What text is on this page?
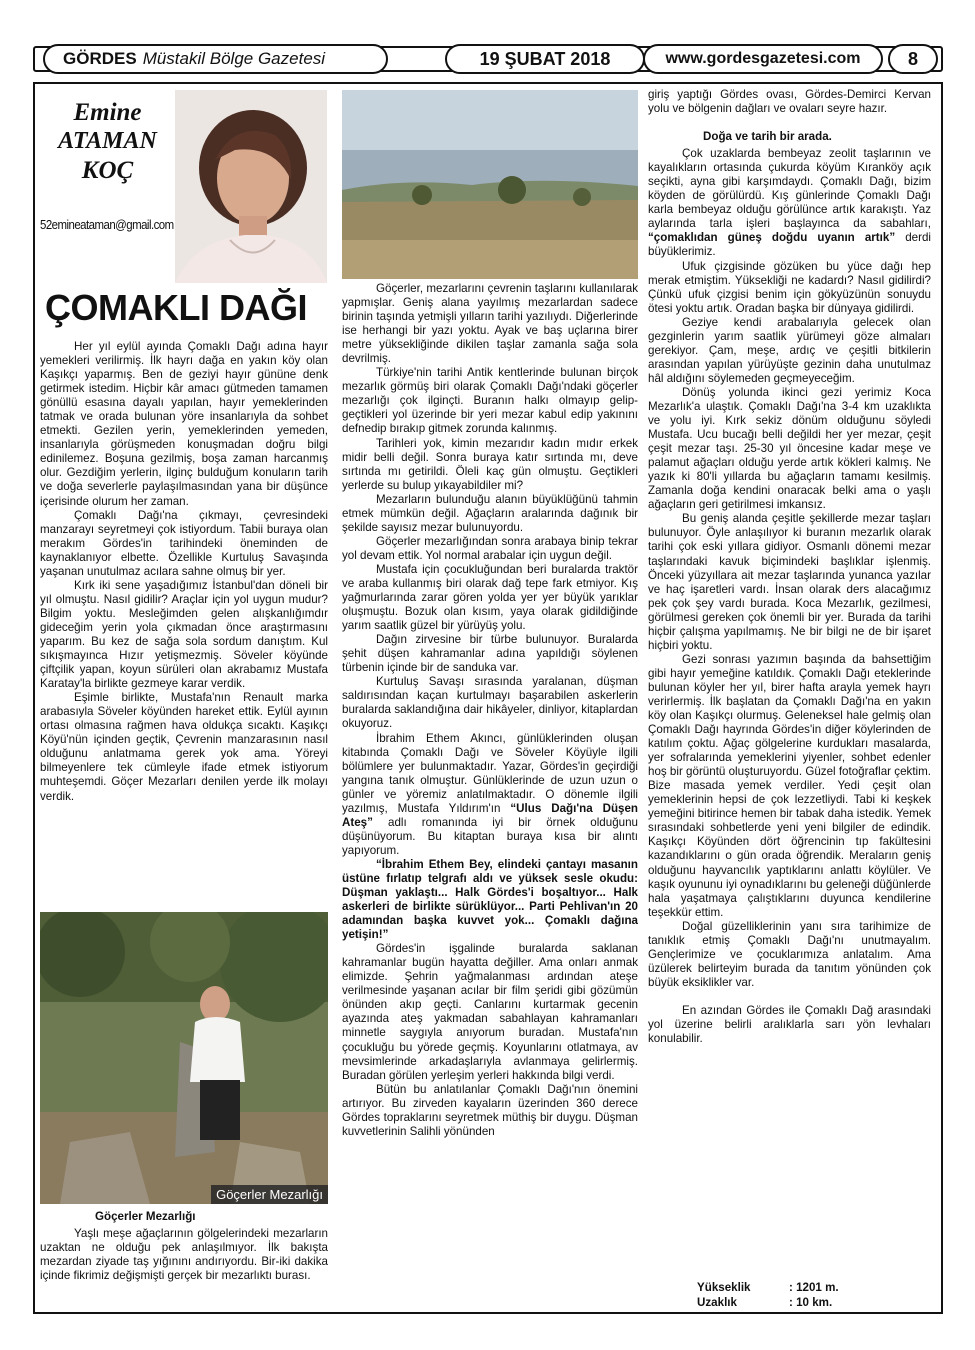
GÖRDES Müstakil Bölge Gazetesi	19 ŞUBAT 2018	www.gordesgazetesi.com	8
Emine
ATAMAN
KOÇ
52emineataman@gmail.com
ÇOMAKLI DAĞI

Her yıl eylül ayında Çomaklı Dağı adına hayır yemekleri verilirmiş. İlk hayrı dağa en yakın köy olan Kaşıkçı yaparmış. Ben de geziyi hayır gününe denk getirmek istedim. Hiçbir kâr amacı gütmeden tamamen gönüllü esasına dayalı yapılan, hayır yemeklerinden tatmak ve orada bulunan yöre insanlarıyla da sohbet etmekti. Gezilen yerin, yemeklerinden yemeden, insanlarıyla görüşmeden konuşmadan doğru bilgi edinilemez. Boşuna gezilmiş, boşa zaman harcanmış olur. Gezdiğim yerlerin, ilginç bulduğum konuların tarih ve doğa severlerle paylaşılmasından yana bir düşünce içerisinde olurum her zaman.

Çomaklı Dağı'na çıkmayı, çevresindeki manzarayı seyretmeyi çok istiyordum. Tabii buraya olan merakım Gördes'in tarihindeki öneminden de kaynaklanıyor elbette. Özellikle Kurtuluş Savaşında yaşanan unutulmaz acılara sahne olmuş bir yer.

Kırk iki sene yaşadığımız İstanbul'dan döneli bir yıl olmuştu. Nasıl gidilir? Araçlar için yol uygun mudur? Bilgim yoktu. Mesleğimden gelen alışkanlığımdır gideceğim yerin yola çıkmadan önce araştırmasını yaparım. Bu kez de sağa sola sordum danıştım. Kul sıkışmayınca Hızır yetişmezmiş. Söveler köyünde çiftçilik yapan, koyun sürüleri olan akrabamız Mustafa Karatay'la birlikte gezmeye karar verdik.

Eşimle birlikte, Mustafa'nın Renault marka arabasıyla Söveler köyünden hareket ettik. Eylül ayının ortası olmasına rağmen hava oldukça sıcaktı. Kaşıkçı Köyü'nün içinden geçtik, Çevrenin manzarasının nasıl olduğunu anlatmama gerek yok ama. Yöreyi bilmeyenlere tek cümleyle ifade etmek istiyorum muhteşemdi. Göçer Mezarları denilen yerde ilk molayı verdik.

Göçerler Mezarlığı

Göçerler Mezarlığı

Yaşlı meşe ağaçlarının gölgelerindeki mezarların uzaktan ne olduğu pek anlaşılmıyor. İlk bakışta mezardan ziyade taş yığınını andırıyordu. Bir-iki dakika içinde fikrimiz değişmişti gerçek bir mezarlıktı burası.

Göçerler, mezarlarını çevrenin taşlarını kullanılarak yapmışlar. Geniş alana yayılmış mezarlardan sadece birinin taşında yetmişli yılların tarihi yazılıydı. Diğerlerinde ise herhangi bir yazı yoktu. Ayak ve baş uçlarına birer metre yüksekliğinde dikilen taşlar zamanla sağa sola devrilmiş.

Türkiye'nin tarihi Antik kentlerinde bulunan birçok mezarlık görmüş biri olarak Çomaklı Dağı'ndaki göçerler mezarlığı çok ilginçti. Buranın halkı olmayıp gelip-geçtikleri yol üzerinde bir yeri mezar kabul edip yakınını defnedip bırakıp gitmek zorunda kalınmış.

Tarihleri yok, kimin mezarıdır kadın mıdır erkek midir belli değil. Sonra buraya katır sırtında mı, deve sırtında mı getirildi. Öleli kaç gün olmuştu. Geçtikleri yerlerde su bulup yıkayabildiler mi?

Mezarların bulunduğu alanın büyüklüğünü tahmin etmek mümkün değil. Ağaçların aralarında dağınık bir şekilde sayısız mezar bulunuyordu.

Göçerler mezarlığından sonra arabaya binip tekrar yol devam ettik. Yol normal arabalar için uygun değil.

Mustafa için çocukluğundan beri buralarda traktör ve araba kullanmış biri olarak dağ tepe fark etmiyor. Kış yağmurlarında zarar gören yolda yer yer büyük yarıklar oluşmuştu. Bozuk olan kısım, yaya olarak gidildiğinde yarım saatlik güzel bir yürüyüş yolu.

Dağın zirvesine bir türbe bulunuyor. Buralarda şehit düşen kahramanlar adına yapıldığı söylenen türbenin içinde bir de sanduka var.

Kurtuluş Savaşı sırasında yaralanan, düşman saldırısından kaçan kurtulmayı başarabilen askerlerin buralarda saklandığına dair hikâyeler, dinliyor, kitaplardan okuyoruz.

İbrahim Ethem Akıncı, günlüklerinden oluşan kitabında Çomaklı Dağı ve Söveler Köyüyle ilgili bölümlere yer bulunmaktadır. Yazar, Gördes'in geçirdiği yangına tanık olmuştur. Günlüklerinde de uzun uzun o günler ve yöremiz anlatılmaktadır. O dönemle ilgili yazılmış, Mustafa Yıldırım'ın “Ulus Dağı'na Düşen Ateş” adlı romanında iyi bir örnek olduğunu düşünüyorum. Bu kitaptan buraya kısa bir alıntı yapıyorum.

“İbrahim Ethem Bey, elindeki çantayı masanın üstüne fırlatıp telgrafı aldı ve yüksek sesle okudu: Düşman yaklaştı... Halk Gördes'i boşaltıyor... Halk askerleri de birlikte sürüklüyor... Parti Pehlivan'ın 20 adamından başka kuvvet yok... Çomaklı dağına yetişin!”

Gördes'in işgalinde buralarda saklanan kahramanlar bugün hayatta değiller. Ama onları anmak elimizde. Şehrin yağmalanması ardından ateşe verilmesinde yaşanan acılar bir film şeridi gibi gözümün önünden akıp geçti. Canlarını kurtarmak gecenin ayazında ateş yakmadan sabahlayan kahramanları minnetle saygıyla anıyorum buradan. Mustafa'nın çocukluğu bu yörede geçmiş. Koyunlarını otlatmaya, av mevsimlerinde arkadaşlarıyla avlanmaya gelirlermiş. Buradan görülen yerleşim yerleri hakkında bilgi verdi.

Bütün bu anlatılanlar Çomaklı Dağı'nın önemini artırıyor. Bu zirveden kayaların üzerinden 360 derece Gördes topraklarını seyretmek müthiş bir duygu. Düşman kuvvetlerinin Salihli yönünden

giriş yaptığı Gördes ovası, Gördes-Demirci Kervan yolu ve bölgenin dağları ve ovaları seyre hazır.

Doğa ve tarih bir arada.

Çok uzaklarda bembeyaz zeolit taşlarının ve kayalıkların ortasında çukurda köyüm Kıranköy açık seçikti, ayna gibi karşımdaydı. Çomaklı Dağı, bizim köyden de görülürdü. Kış günlerinde Çomaklı Dağı karla bembeyaz olduğu görülünce artık karakıştı. Yaz aylarında tarla işleri başlayınca da sabahları, “çomaklıdan güneş doğdu uyanın artık” derdi büyüklerimiz.

Ufuk çizgisinde gözüken bu yüce dağı hep merak etmiştim. Yüksekliği ne kadardı? Nasıl gidilirdi? Çünkü ufuk çizgisi benim için gökyüzünün sonuydu ötesi yoktu artık. Oradan başka bir dünyaya gidilirdi.

Geziye kendi arabalarıyla gelecek olan gezginlerin yarım saatlik yürümeyi göze almaları gerekiyor. Çam, meşe, ardıç ve çeşitli bitkilerin arasından yapılan yürüyüşte gezinin daha unutulmaz hâl aldığını söylemeden geçmeyeceğim.

Dönüş yolunda ikinci gezi yerimiz Koca Mezarlık'a ulaştık. Çomaklı Dağı'na 3-4 km uzaklıkta ve yolu iyi. Kırk sekiz dönüm olduğunu söyledi Mustafa. Ucu bucağı belli değildi her yer mezar, çeşit çeşit mezar taşı. 25-30 yıl öncesine kadar meşe ve palamut ağaçları olduğu yerde artık kökleri kalmış. Ne yazık ki 80'li yıllarda bu ağaçların tamamı kesilmiş. Zamanla doğa kendini onaracak belki ama o yaşlı ağaçların geri getirilmesi imkansız.

Bu geniş alanda çeşitle şekillerde mezar taşları bulunuyor. Öyle anlaşılıyor ki buranın mezarlık olarak tarihi çok eski yıllara gidiyor. Osmanlı dönemi mezar taşlarındaki kavuk biçimindeki başlıklar işlenmiş. Önceki yüzyıllara ait mezar taşlarında yunanca yazılar ve haç işaretleri vardı. İnsan olarak ders alacağımız pek çok şey vardı burada. Koca Mezarlık, gezilmesi, görülmesi gereken çok önemli bir yer. Burada da tarihi hiçbir çalışma yapılmamış. Ne bir bilgi ne de bir işaret hiçbiri yoktu.

Gezi sonrası yazımın başında da bahsettiğim gibi hayır yemeğine katıldık. Çomaklı Dağı eteklerinde bulunan köyler her yıl, birer hafta arayla yemek hayrı verirlermiş. İlk başlatan da Çomaklı Dağı'na en yakın köy olan Kaşıkçı olurmuş. Geleneksel hale gelmiş olan Çomaklı Dağı hayrında Gördes'in diğer köylerinden de katılım çoktu. Ağaç gölgelerine kurdukları masalarda, yer sofralarında yemeklerini yiyenler, sohbet edenler hoş bir görüntü oluşturuyordu. Güzel fotoğraflar çektim. Bize masada yemek verdiler. Yedi çeşit olan yemeklerinin hepsi de çok lezzetliydi. Tabi ki keşkek yemeğini bitirince hemen bir tabak daha istedik. Yemek sırasındaki sohbetlerde yeni yeni bilgiler de edindik. Kaşıkçı Köyünden dört öğrencinin tıp fakültesini kazandıklarını o gün orada öğrendik. Meraların geniş olduğunu hayvancılık yaptıklarını anlattı köylüler. Ve kaşık oyununu iyi oynadıklarını bu geleneği düğünlerde hala yaşatmaya çalıştıklarını duyunca kendilerine teşekkür ettim.

Doğal güzelliklerinin yanı sıra tarihimize de tanıklık etmiş Çomaklı Dağı'nı unutmayalım. Gençlerimize ve çocuklarımıza anlatalım. Ama üzülerek belirteyim burada da tanıtım yönünden çok büyük eksiklikler var.

En azından Gördes ile Çomaklı Dağ arasındaki yol üzerine belirli aralıklarla sarı yön levhaları konulabilir.

Yükseklik	: 1201 m.
Uzaklık	: 10 km.
